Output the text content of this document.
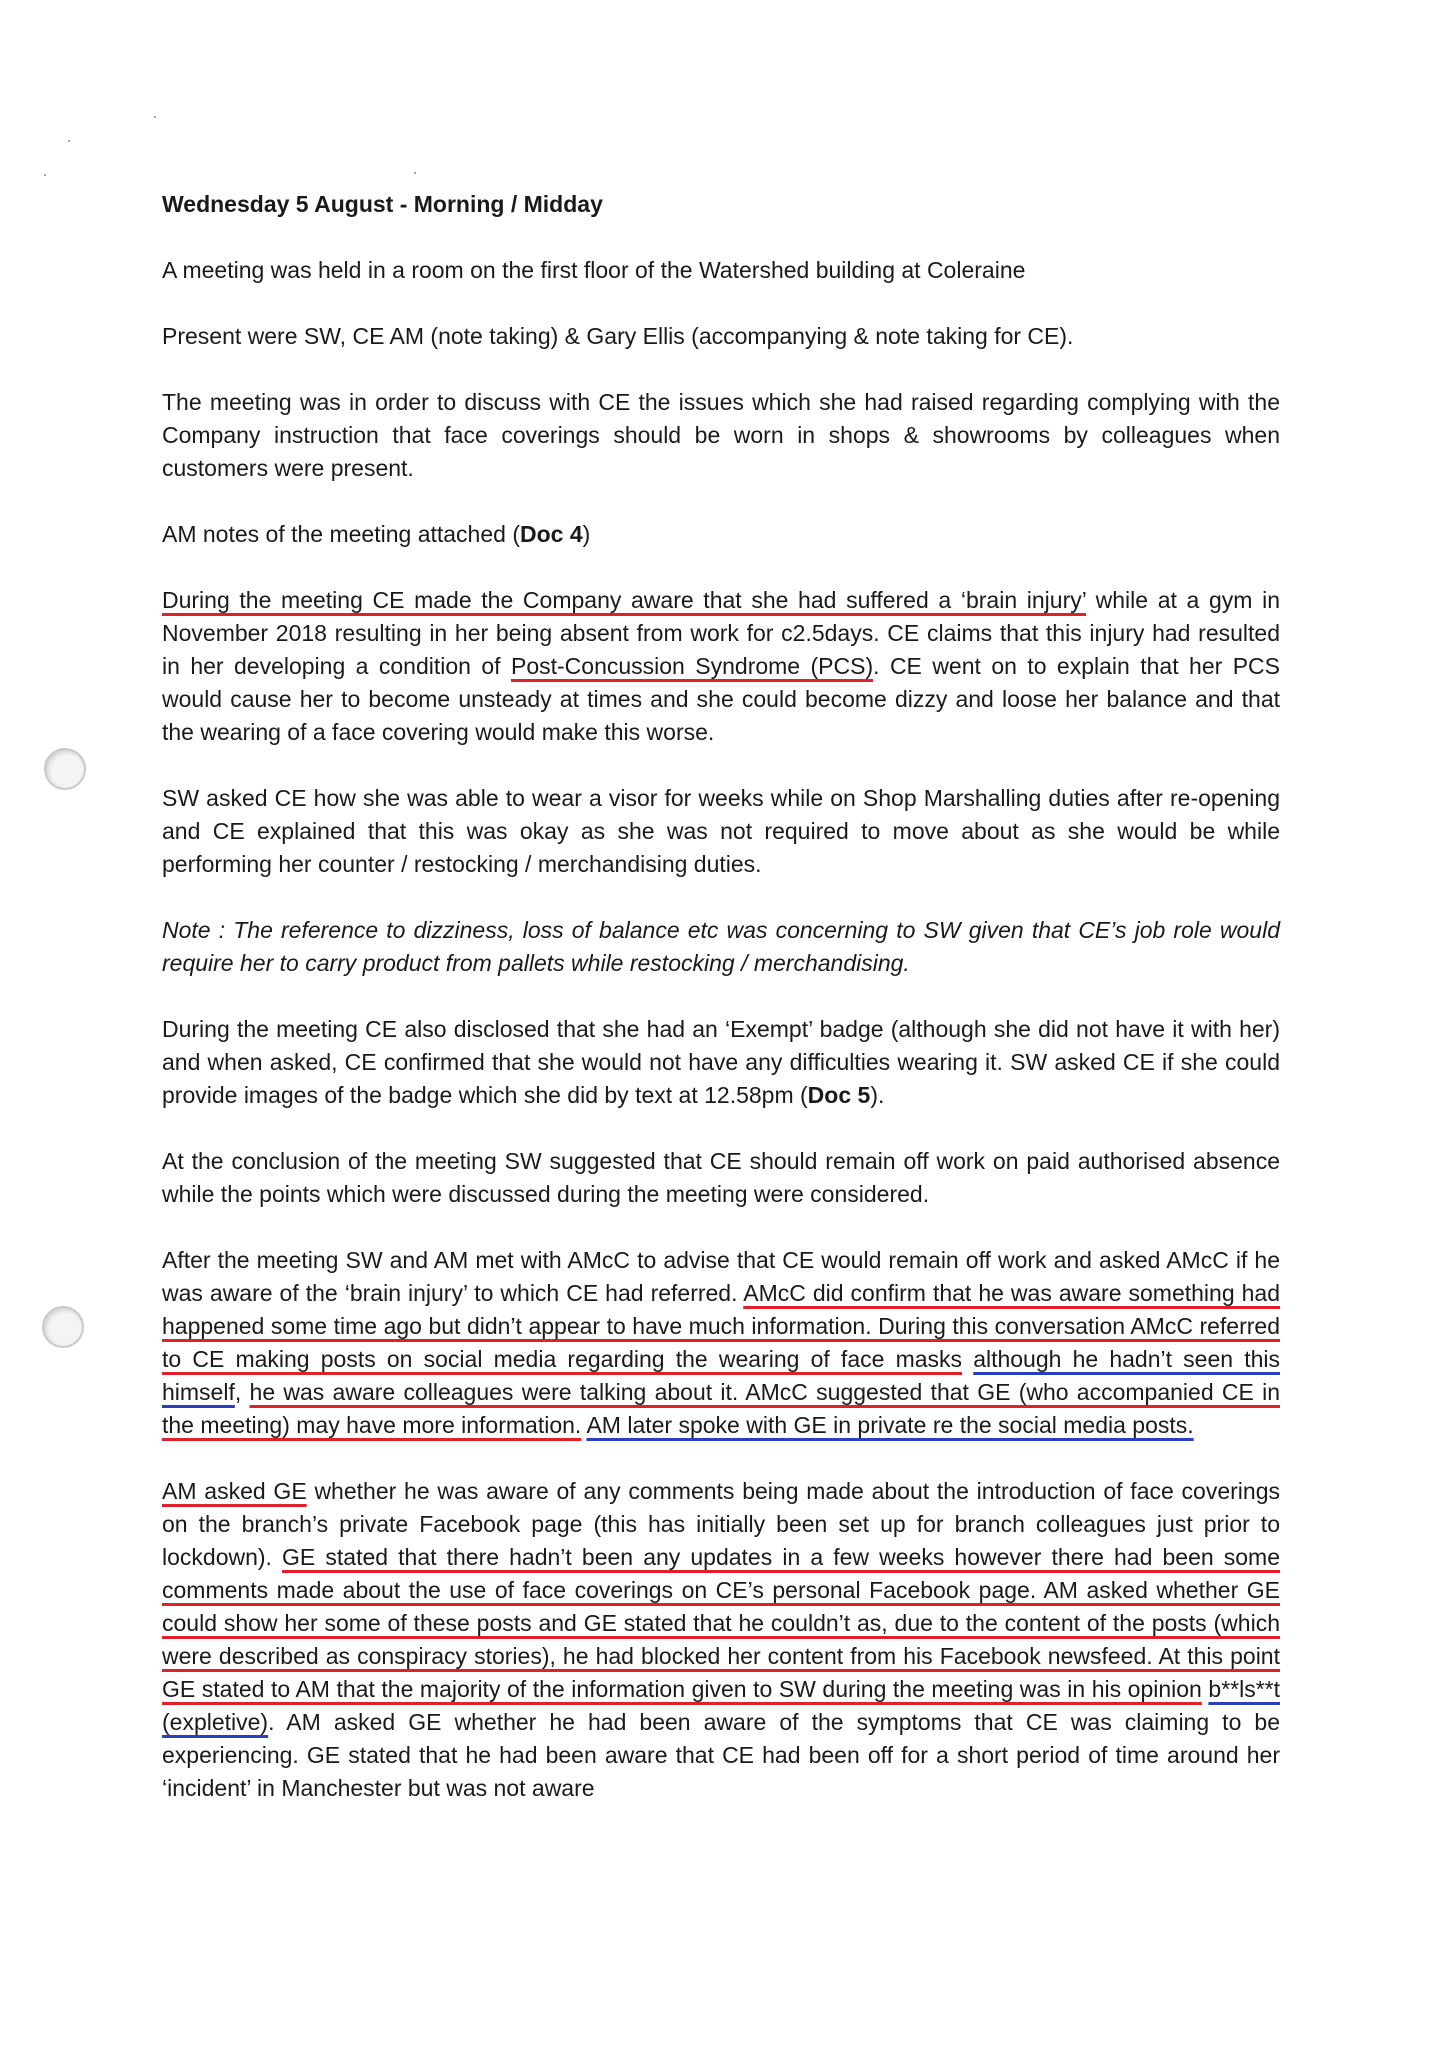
Wednesday 5 August - Morning / Midday

A meeting was held in a room on the first floor of the Watershed building at Coleraine

Present were SW, CE AM (note taking) & Gary Ellis (accompanying & note taking for CE).

The meeting was in order to discuss with CE the issues which she had raised regarding complying with the Company instruction that face coverings should be worn in shops & showrooms by colleagues when customers were present.

AM notes of the meeting attached (Doc 4)

During the meeting CE made the Company aware that she had suffered a ‘brain injury’ while at a gym in November 2018 resulting in her being absent from work for c2.5days. CE claims that this injury had resulted in her developing a condition of Post-Concussion Syndrome (PCS). CE went on to explain that her PCS would cause her to become unsteady at times and she could become dizzy and loose her balance and that the wearing of a face covering would make this worse.

SW asked CE how she was able to wear a visor for weeks while on Shop Marshalling duties after re-opening and CE explained that this was okay as she was not required to move about as she would be while performing her counter / restocking / merchandising duties.

Note : The reference to dizziness, loss of balance etc was concerning to SW given that CE’s job role would require her to carry product from pallets while restocking / merchandising.

During the meeting CE also disclosed that she had an ‘Exempt’ badge (although she did not have it with her) and when asked, CE confirmed that she would not have any difficulties wearing it. SW asked CE if she could provide images of the badge which she did by text at 12.58pm (Doc 5).

At the conclusion of the meeting SW suggested that CE should remain off work on paid authorised absence while the points which were discussed during the meeting were considered.

After the meeting SW and AM met with AMcC to advise that CE would remain off work and asked AMcC if he was aware of the ‘brain injury’ to which CE had referred. AMcC did confirm that he was aware something had happened some time ago but didn’t appear to have much information. During this conversation AMcC referred to CE making posts on social media regarding the wearing of face masks although he hadn’t seen this himself, he was aware colleagues were talking about it. AMcC suggested that GE (who accompanied CE in the meeting) may have more information. AM later spoke with GE in private re the social media posts.

AM asked GE whether he was aware of any comments being made about the introduction of face coverings on the branch’s private Facebook page (this has initially been set up for branch colleagues just prior to lockdown). GE stated that there hadn’t been any updates in a few weeks however there had been some comments made about the use of face coverings on CE’s personal Facebook page. AM asked whether GE could show her some of these posts and GE stated that he couldn’t as, due to the content of the posts (which were described as conspiracy stories), he had blocked her content from his Facebook newsfeed. At this point GE stated to AM that the majority of the information given to SW during the meeting was in his opinion b**ls**t (expletive). AM asked GE whether he had been aware of the symptoms that CE was claiming to be experiencing. GE stated that he had been aware that CE had been off for a short period of time around her ‘incident’ in Manchester but was not aware
